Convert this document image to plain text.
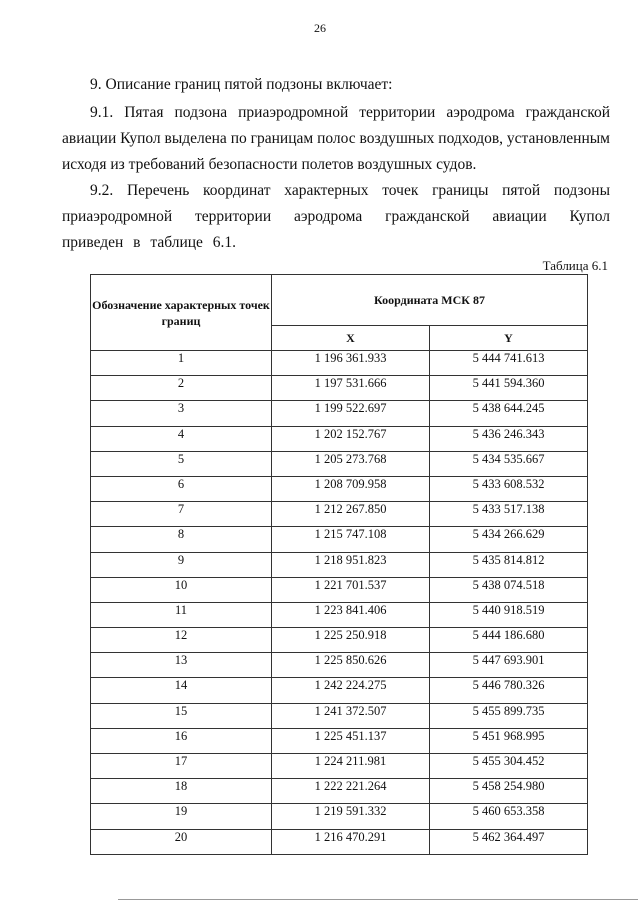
26

9. Описание границ пятой подзоны включает:

9.1. Пятая подзона приаэродромной территории аэродрома гражданской авиации Купол выделена по границам полос воздушных подходов, установленным исходя из требований безопасности полетов воздушных судов.

9.2. Перечень координат характерных точек границы пятой подзоны приаэродромной территории аэродрома гражданской авиации Купол приведен в таблице 6.1.

Таблица 6.1
Обозначение характерных точек границ	Координата МСК 87	
	X	Y
1	1 196 361.933	5 444 741.613
2	1 197 531.666	5 441 594.360
3	1 199 522.697	5 438 644.245
4	1 202 152.767	5 436 246.343
5	1 205 273.768	5 434 535.667
6	1 208 709.958	5 433 608.532
7	1 212 267.850	5 433 517.138
8	1 215 747.108	5 434 266.629
9	1 218 951.823	5 435 814.812
10	1 221 701.537	5 438 074.518
11	1 223 841.406	5 440 918.519
12	1 225 250.918	5 444 186.680
13	1 225 850.626	5 447 693.901
14	1 242 224.275	5 446 780.326
15	1 241 372.507	5 455 899.735
16	1 225 451.137	5 451 968.995
17	1 224 211.981	5 455 304.452
18	1 222 221.264	5 458 254.980
19	1 219 591.332	5 460 653.358
20	1 216 470.291	5 462 364.497
